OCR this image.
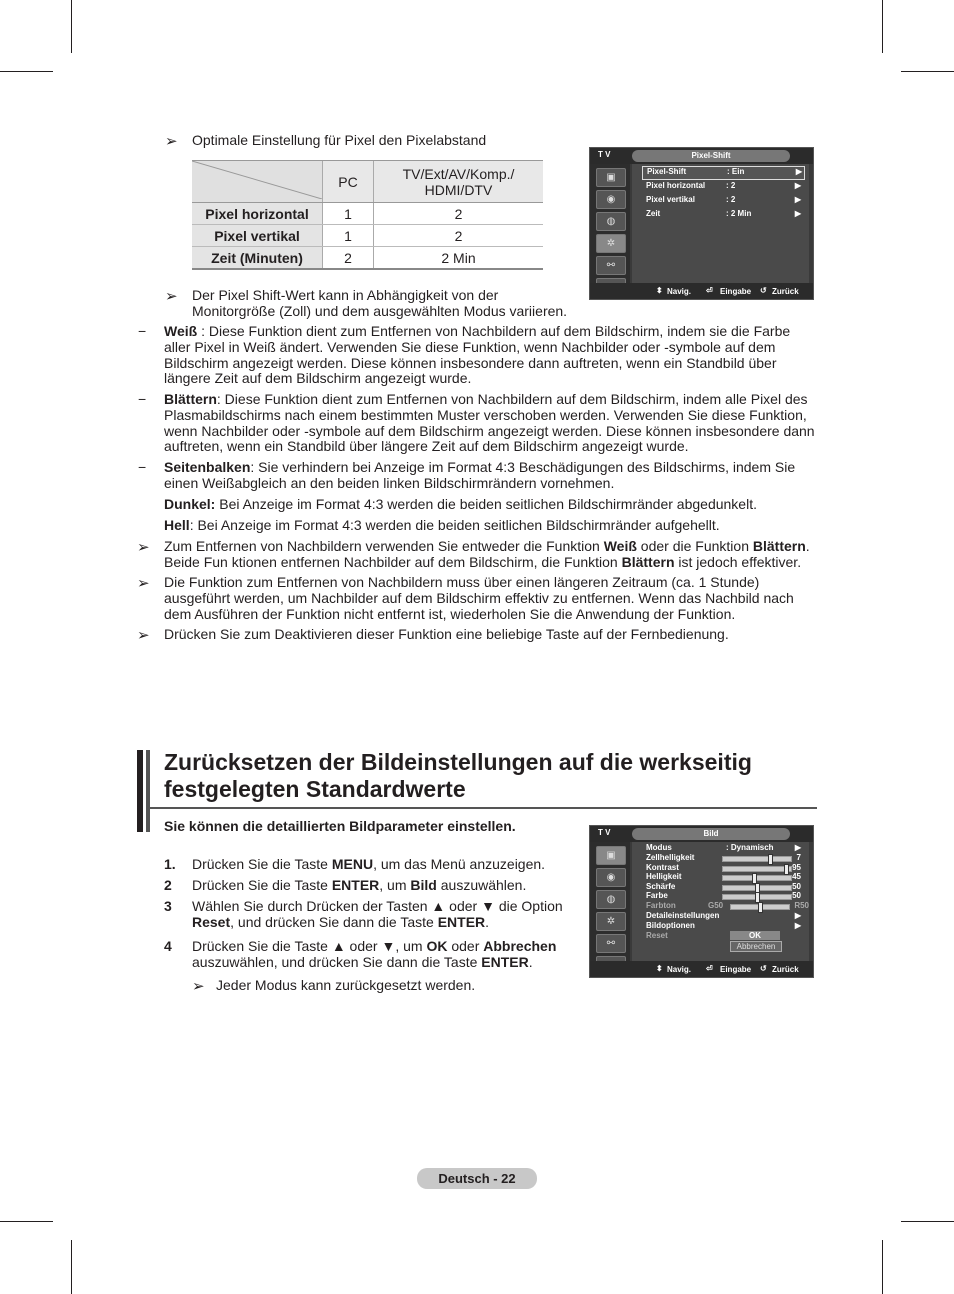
➢ Optimale Einstellung für Pixel den Pixelabstand
	PC	TV/Ext/AV/Komp./ HDMI/DTV
Pixel horizontal	1	2
Pixel vertikal	1	2
Zeit (Minuten)	2	2 Min
➢ Der Pixel Shift-Wert kann in Abhängigkeit von der Monitorgröße (Zoll) und dem ausgewählten Modus variieren.
− Weiß : Diese Funktion dient zum Entfernen von Nachbildern auf dem Bildschirm, indem sie die Farbe aller Pixel in Weiß ändert. Verwenden Sie diese Funktion, wenn Nachbilder oder -symbole auf dem Bildschirm angezeigt werden. Diese können insbesondere dann auftreten, wenn ein Standbild über längere Zeit auf dem Bildschirm angezeigt wurde.
− Blättern: Diese Funktion dient zum Entfernen von Nachbildern auf dem Bildschirm, indem alle Pixel des Plasmabildschirms nach einem bestimmten Muster verschoben werden. Verwenden Sie diese Funktion, wenn Nachbilder oder -symbole auf dem Bildschirm angezeigt werden. Diese können insbesondere dann auftreten, wenn ein Standbild über längere Zeit auf dem Bildschirm angezeigt wurde.
− Seitenbalken: Sie verhindern bei Anzeige im Format 4:3 Beschädigungen des Bildschirms, indem Sie einen Weißabgleich an den beiden linken Bildschirmrändern vornehmen.
Dunkel: Bei Anzeige im Format 4:3 werden die beiden seitlichen Bildschirmränder abgedunkelt.
Hell: Bei Anzeige im Format 4:3 werden die beiden seitlichen Bildschirmränder aufgehellt.
➢ Zum Entfernen von Nachbildern verwenden Sie entweder die Funktion Weiß oder die Funktion Blättern. Beide Fun ktionen entfernen Nachbilder auf dem Bildschirm, die Funktion Blättern ist jedoch effektiver.
➢ Die Funktion zum Entfernen von Nachbildern muss über einen längeren Zeitraum (ca. 1 Stunde) ausgeführt werden, um Nachbilder auf dem Bildschirm effektiv zu entfernen. Wenn das Nachbild nach dem Ausführen der Funktion nicht entfernt ist, wiederholen Sie die Anwendung der Funktion.
➢ Drücken Sie zum Deaktivieren dieser Funktion eine beliebige Taste auf der Fernbedienung.
T V	Pixel-Shift
▣
◉
◍
✲
⚯
Pixel-Shift	: Ein	▶
Pixel horizontal	: 2	▶
Pixel vertikal	: 2	▶
Zeit	: 2 Min	▶
⬍ Navig. ⏎ Eingabe ↺ Zurück
Zurücksetzen der Bildeinstellungen auf die werkseitig festgelegten Standardwerte
Sie können die detaillierten Bildparameter einstellen.
1. Drücken Sie die Taste MENU, um das Menü anzuzeigen.
2 Drücken Sie die Taste ENTER, um Bild auszuwählen.
3 Wählen Sie durch Drücken der Tasten ▲ oder ▼ die Option Reset, und drücken Sie dann die Taste ENTER.
4 Drücken Sie die Taste ▲ oder ▼, um OK oder Abbrechen auszuwählen, und drücken Sie dann die Taste ENTER.
➢ Jeder Modus kann zurückgesetzt werden.
T V	Bild
▣
◉
◍
✲
⚯
Modus	: Dynamisch	▶
Zellhelligkeit	7
Kontrast	95
Helligkeit	45
Schärfe	50
Farbe	50
Farbton	G50	R50
Detaileinstellungen	▶
Bildoptionen	▶
Reset	OK
Abbrechen
⬍ Navig. ⏎ Eingabe ↺ Zurück
Deutsch - 22
